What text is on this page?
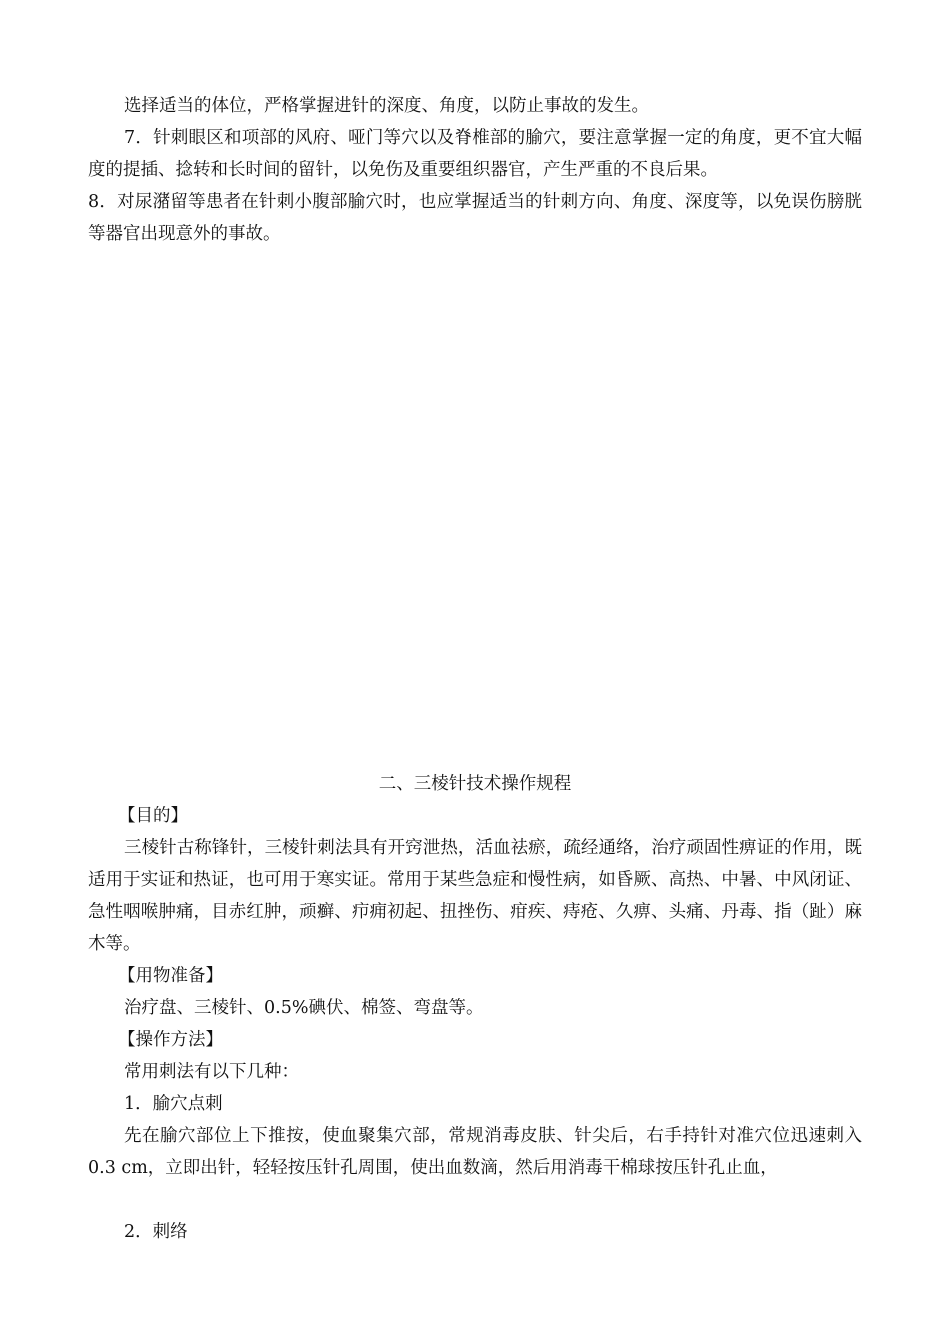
选择适当的体位，严格掌握进针的深度、角度，以防止事故的发生。

7．针刺眼区和项部的风府、哑门等穴以及脊椎部的腧穴，要注意掌握一定的角度，更不宜大幅度的提插、捻转和长时间的留针，以免伤及重要组织器官，产生严重的不良后果。

8．对尿潴留等患者在针刺小腹部腧穴时，也应掌握适当的针刺方向、角度、深度等，以免误伤膀胱等器官出现意外的事故。

二、三棱针技术操作规程

【目的】

三棱针古称锋针，三棱针刺法具有开窍泄热，活血祛瘀，疏经通络，治疗顽固性痹证的作用，既适用于实证和热证，也可用于寒实证。常用于某些急症和慢性病，如昏厥、高热、中暑、中风闭证、急性咽喉肿痛，目赤红肿，顽癣、疖痈初起、扭挫伤、疳疾、痔疮、久痹、头痛、丹毒、指（趾）麻木等。

【用物准备】

治疗盘、三棱针、0.5%碘伏、棉签、弯盘等。

【操作方法】

常用刺法有以下几种：

1．腧穴点刺

先在腧穴部位上下推按，使血聚集穴部，常规消毒皮肤、针尖后，右手持针对准穴位迅速刺入0.3 cm，立即出针，轻轻按压针孔周围，使出血数滴，然后用消毒干棉球按压针孔止血，

2．刺络
